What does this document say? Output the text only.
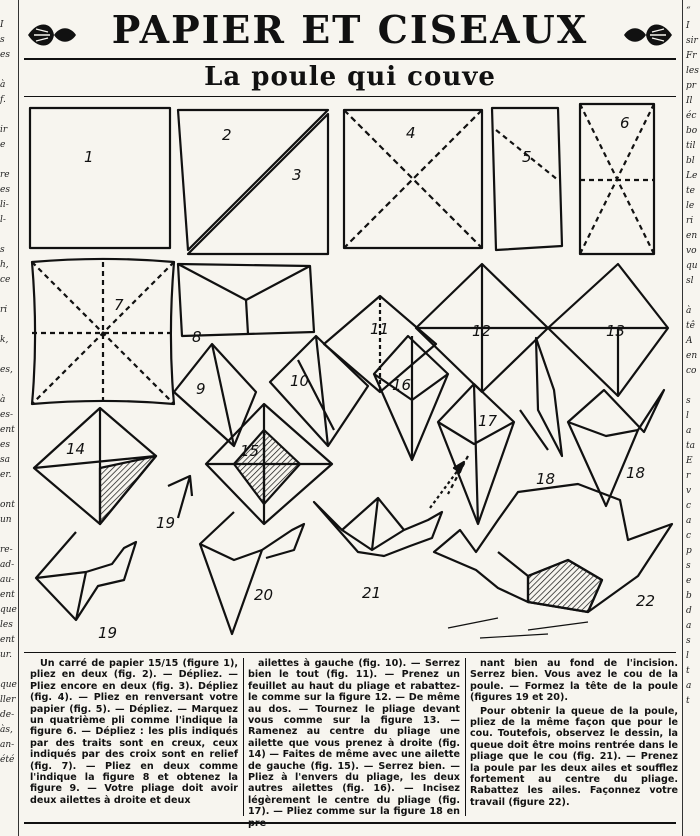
I
s
es

à
f.

ir
e

re
es
li-
l-

s
h,
ce

ri

k,

es,

à
es-
ent
es
sa
er.

ont
un

re-
ad-
au-
ent
que
les
ent
ur.

que
ller
de-
às,
an-
été
“
I
sir
Fr
les
pr
Il
éc
bo
til
bl
Le
te
le
ri
en
vo
qu
sl

à
tê
A
en
co

s
l
a
ta
E
r
v
c
a
c
p
s
e
b
d
a
s
l
t
a
t
PAPIER ET CISEAUX
La poule qui couve
1
2
3
4
5
6
7
8	11	12	13
9	10	16
14	15
17
18	18
19
19
20	21	22

Un carré de papier 15/15 (figure 1), pliez en deux (fig. 2). — Dépliez. — Pliez encore en deux (fig. 3). Dépliez (fig. 4). — Pliez en renversant votre papier (fig. 5). — Dépliez. — Marquez un quatrième pli comme l'indique la figure 6. — Dépliez : les plis indiqués par des traits sont en creux, ceux indiqués par des croix sont en relief (fig. 7). — Pliez en deux comme l'indique la figure 8 et obtenez la figure 9. — Votre pliage doit avoir deux ailettes à droite et deux

ailettes à gauche (fig. 10). — Serrez bien le tout (fig. 11). — Prenez un feuillet au haut du pliage et rabattez-le comme sur la figure 12. — De même au dos. — Tournez le pliage devant vous comme sur la figure 13. — Ramenez au centre du pliage une ailette que vous prenez à droite (fig. 14) — Faites de même avec une ailette de gauche (fig. 15). — Serrez bien. — Pliez à l'envers du pliage, les deux autres ailettes (fig. 16). — Incisez légèrement le centre du pliage (fig. 17). — Pliez comme sur la figure 18 en pre-

nant bien au fond de l'incision. Serrez bien. Vous avez le cou de la poule. — Formez la tête de la poule (figures 19 et 20).

Pour obtenir la queue de la poule, pliez de la même façon que pour le cou. Toutefois, observez le dessin, la queue doit être moins rentrée dans le pliage que le cou (fig. 21). — Prenez la poule par les deux ailes et soufflez fortement au centre du pliage. Rabattez les ailes. Façonnez votre travail (figure 22).
